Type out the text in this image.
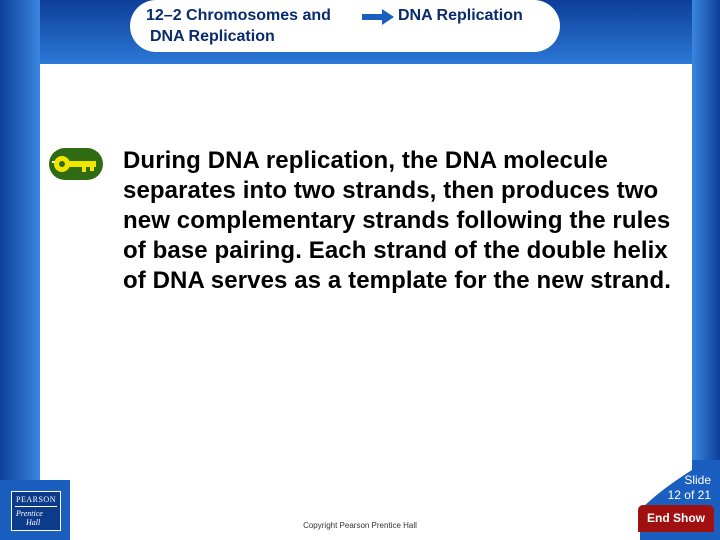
12–2 Chromosomes and
DNA Replication
DNA Replication
During DNA replication, the DNA molecule separates into two strands, then produces two new complementary strands following the rules of base pairing. Each strand of the double helix of DNA serves as a template for the new strand.
PEARSON
Prentice
Hall	Copyright Pearson Prentice Hall
Slide
12 of 21
End Show
